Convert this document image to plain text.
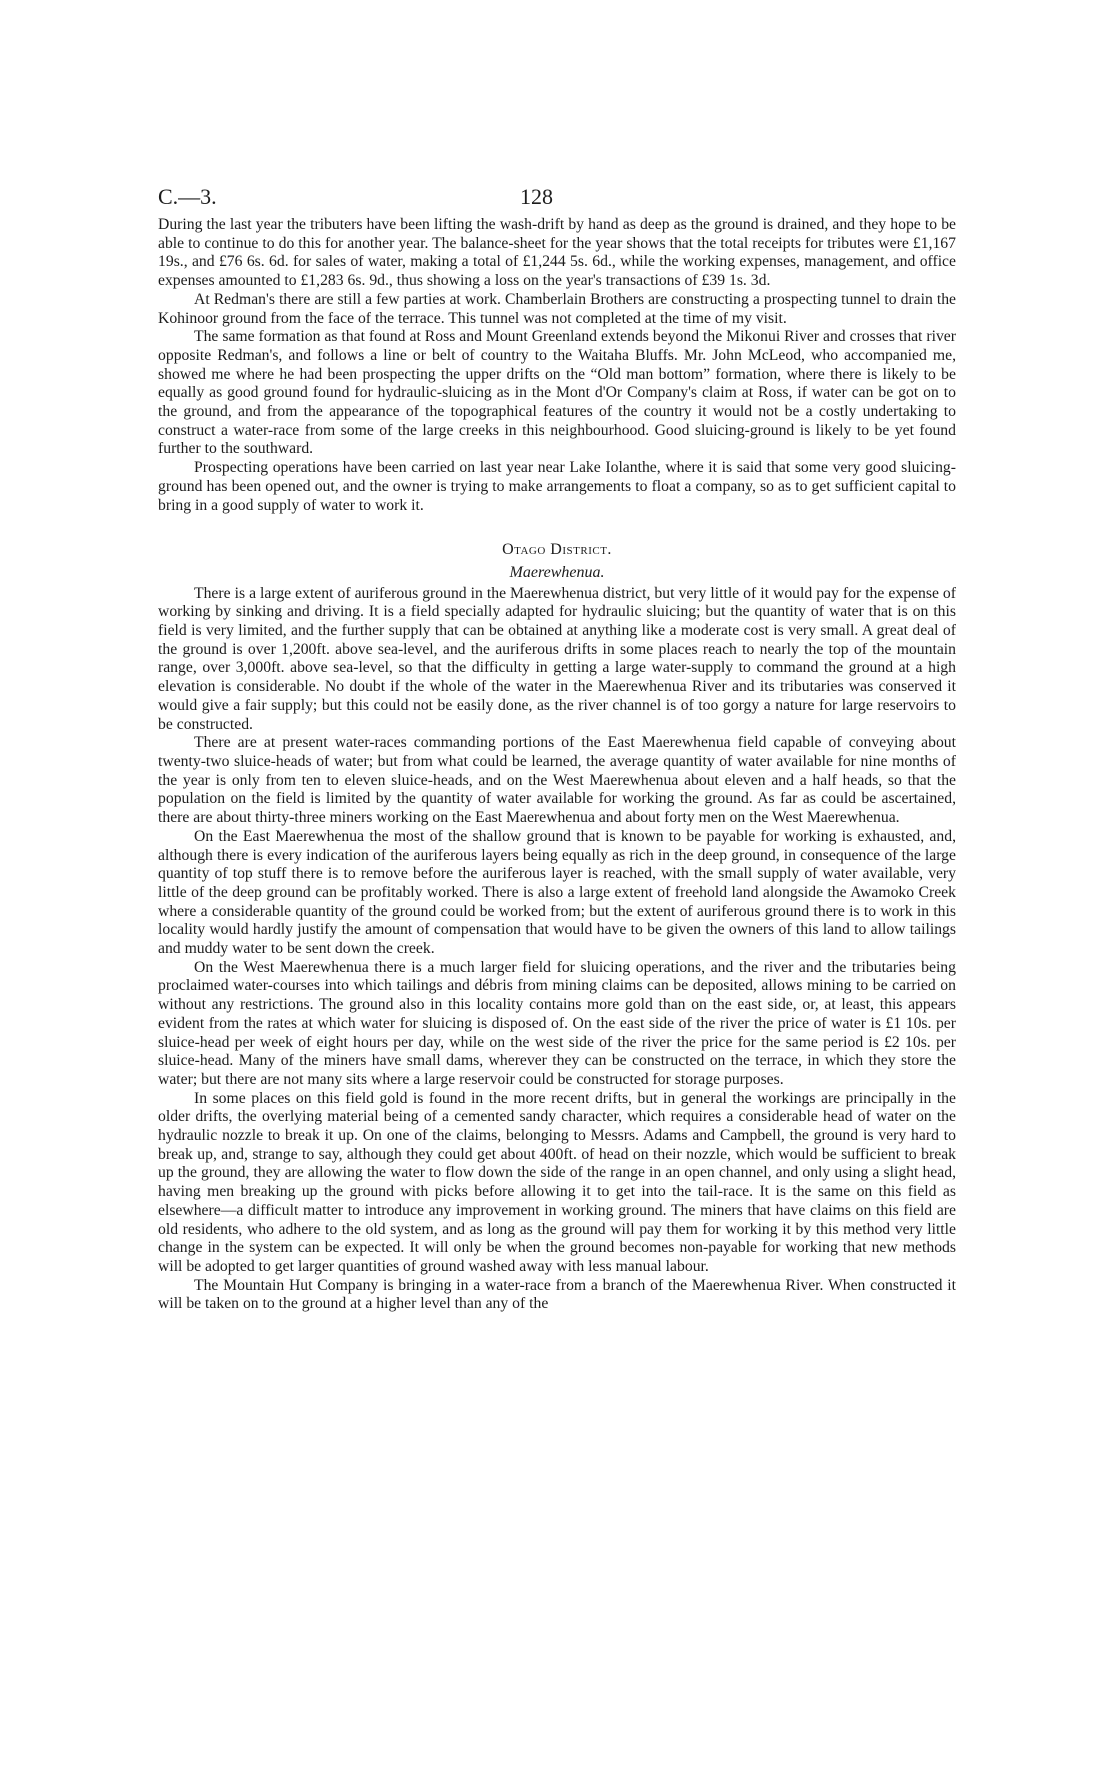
C.—3.	128

During the last year the tributers have been lifting the wash-drift by hand as deep as the ground is drained, and they hope to be able to continue to do this for another year. The balance-sheet for the year shows that the total receipts for tributes were £1,167 19s., and £76 6s. 6d. for sales of water, making a total of £1,244 5s. 6d., while the working expenses, management, and office expenses amounted to £1,283 6s. 9d., thus showing a loss on the year's transactions of £39 1s. 3d.

At Redman's there are still a few parties at work. Chamberlain Brothers are constructing a prospecting tunnel to drain the Kohinoor ground from the face of the terrace. This tunnel was not completed at the time of my visit.

The same formation as that found at Ross and Mount Greenland extends beyond the Mikonui River and crosses that river opposite Redman's, and follows a line or belt of country to the Waitaha Bluffs. Mr. John McLeod, who accompanied me, showed me where he had been prospecting the upper drifts on the “Old man bottom” formation, where there is likely to be equally as good ground found for hydraulic-sluicing as in the Mont d'Or Company's claim at Ross, if water can be got on to the ground, and from the appearance of the topographical features of the country it would not be a costly undertaking to construct a water-race from some of the large creeks in this neighbourhood. Good sluicing-ground is likely to be yet found further to the southward.

Prospecting operations have been carried on last year near Lake Iolanthe, where it is said that some very good sluicing-ground has been opened out, and the owner is trying to make arrangements to float a company, so as to get sufficient capital to bring in a good supply of water to work it.

Otago District.
Maerewhenua.

There is a large extent of auriferous ground in the Maerewhenua district, but very little of it would pay for the expense of working by sinking and driving. It is a field specially adapted for hydraulic sluicing; but the quantity of water that is on this field is very limited, and the further supply that can be obtained at anything like a moderate cost is very small. A great deal of the ground is over 1,200ft. above sea-level, and the auriferous drifts in some places reach to nearly the top of the mountain range, over 3,000ft. above sea-level, so that the difficulty in getting a large water-supply to command the ground at a high elevation is considerable. No doubt if the whole of the water in the Maerewhenua River and its tributaries was conserved it would give a fair supply; but this could not be easily done, as the river channel is of too gorgy a nature for large reservoirs to be constructed.

There are at present water-races commanding portions of the East Maerewhenua field capable of conveying about twenty-two sluice-heads of water; but from what could be learned, the average quantity of water available for nine months of the year is only from ten to eleven sluice-heads, and on the West Maerewhenua about eleven and a half heads, so that the population on the field is limited by the quantity of water available for working the ground. As far as could be ascertained, there are about thirty-three miners working on the East Maerewhenua and about forty men on the West Maerewhenua.

On the East Maerewhenua the most of the shallow ground that is known to be payable for working is exhausted, and, although there is every indication of the auriferous layers being equally as rich in the deep ground, in consequence of the large quantity of top stuff there is to remove before the auriferous layer is reached, with the small supply of water available, very little of the deep ground can be profitably worked. There is also a large extent of freehold land alongside the Awamoko Creek where a considerable quantity of the ground could be worked from; but the extent of auriferous ground there is to work in this locality would hardly justify the amount of compensation that would have to be given the owners of this land to allow tailings and muddy water to be sent down the creek.

On the West Maerewhenua there is a much larger field for sluicing operations, and the river and the tributaries being proclaimed water-courses into which tailings and débris from mining claims can be deposited, allows mining to be carried on without any restrictions. The ground also in this locality contains more gold than on the east side, or, at least, this appears evident from the rates at which water for sluicing is disposed of. On the east side of the river the price of water is £1 10s. per sluice-head per week of eight hours per day, while on the west side of the river the price for the same period is £2 10s. per sluice-head. Many of the miners have small dams, wherever they can be constructed on the terrace, in which they store the water; but there are not many sits where a large reservoir could be constructed for storage purposes.

In some places on this field gold is found in the more recent drifts, but in general the workings are principally in the older drifts, the overlying material being of a cemented sandy character, which requires a considerable head of water on the hydraulic nozzle to break it up. On one of the claims, belonging to Messrs. Adams and Campbell, the ground is very hard to break up, and, strange to say, although they could get about 400ft. of head on their nozzle, which would be sufficient to break up the ground, they are allowing the water to flow down the side of the range in an open channel, and only using a slight head, having men breaking up the ground with picks before allowing it to get into the tail-race. It is the same on this field as elsewhere—a difficult matter to introduce any improvement in working ground. The miners that have claims on this field are old residents, who adhere to the old system, and as long as the ground will pay them for working it by this method very little change in the system can be expected. It will only be when the ground becomes non-payable for working that new methods will be adopted to get larger quantities of ground washed away with less manual labour.

The Mountain Hut Company is bringing in a water-race from a branch of the Maerewhenua River. When constructed it will be taken on to the ground at a higher level than any of the
